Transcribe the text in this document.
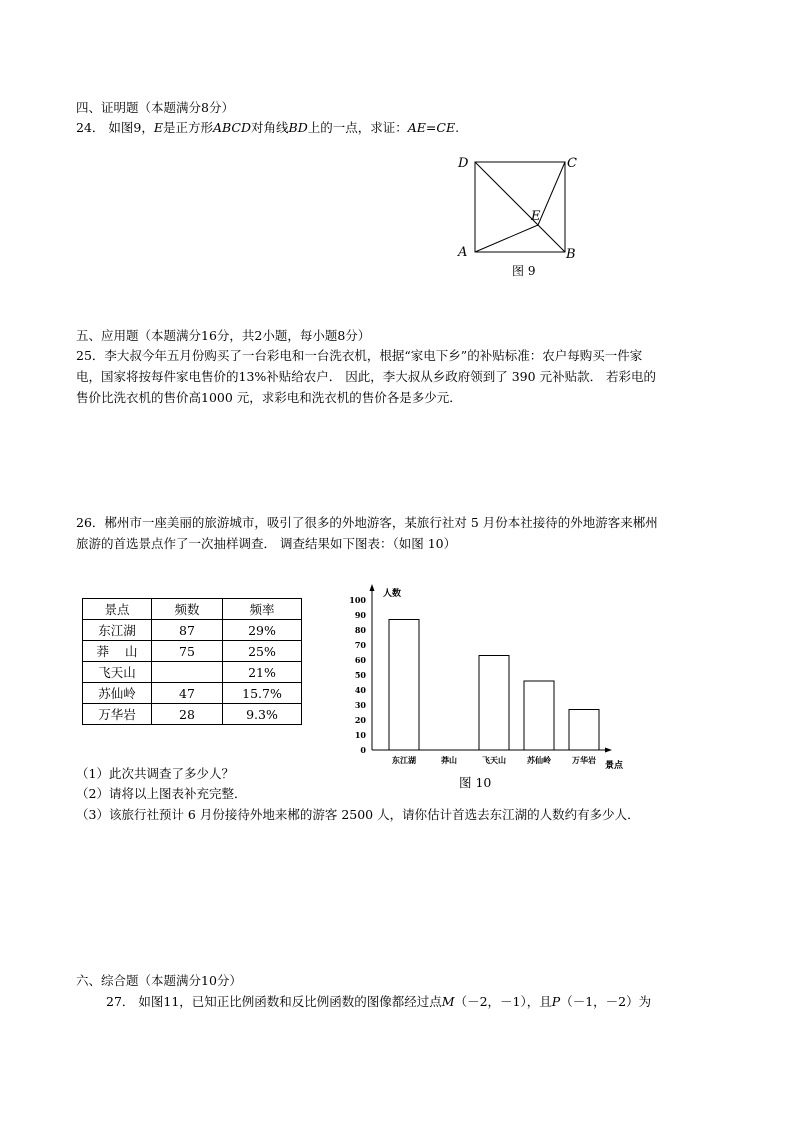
四、证明题（本题满分8分）
24． 如图9，E是正方形ABCD对角线BD上的一点，求证：AE=CE.
D	C
E
A	B
图 9
五、应用题（本题满分16分，共2小题，每小题8分）
25．李大叔今年五月份购买了一台彩电和一台洗衣机，根据“家电下乡”的补贴标准：农户每购买一件家
电，国家将按每件家电售价的13%补贴给农户． 因此，李大叔从乡政府领到了 390 元补贴款． 若彩电的
售价比洗衣机的售价高1000 元，求彩电和洗衣机的售价各是多少元．
26．郴州市一座美丽的旅游城市，吸引了很多的外地游客，某旅行社对 5 月份本社接待的外地游客来郴州
旅游的首选景点作了一次抽样调查． 调查结果如下图表：（如图 10）
景点	频数	频率
东江湖	87	29%
莽    山	75	25%
飞天山		21%
苏仙岭	47	15.7%
万华岩	28	9.3%
人数
景点
0
10
20
30
40
50
60
70
80
90
100
东江湖	莽山	飞天山	苏仙岭	万华岩
图 10
（1）此次共调查了多少人？
（2）请将以上图表补充完整．
（3）该旅行社预计 6 月份接待外地来郴的游客 2500 人，请你估计首选去东江湖的人数约有多少人．
六、综合题（本题满分10分）
27． 如图11，已知正比例函数和反比例函数的图像都经过点M（－2，－1），且P（－1，－2）为
